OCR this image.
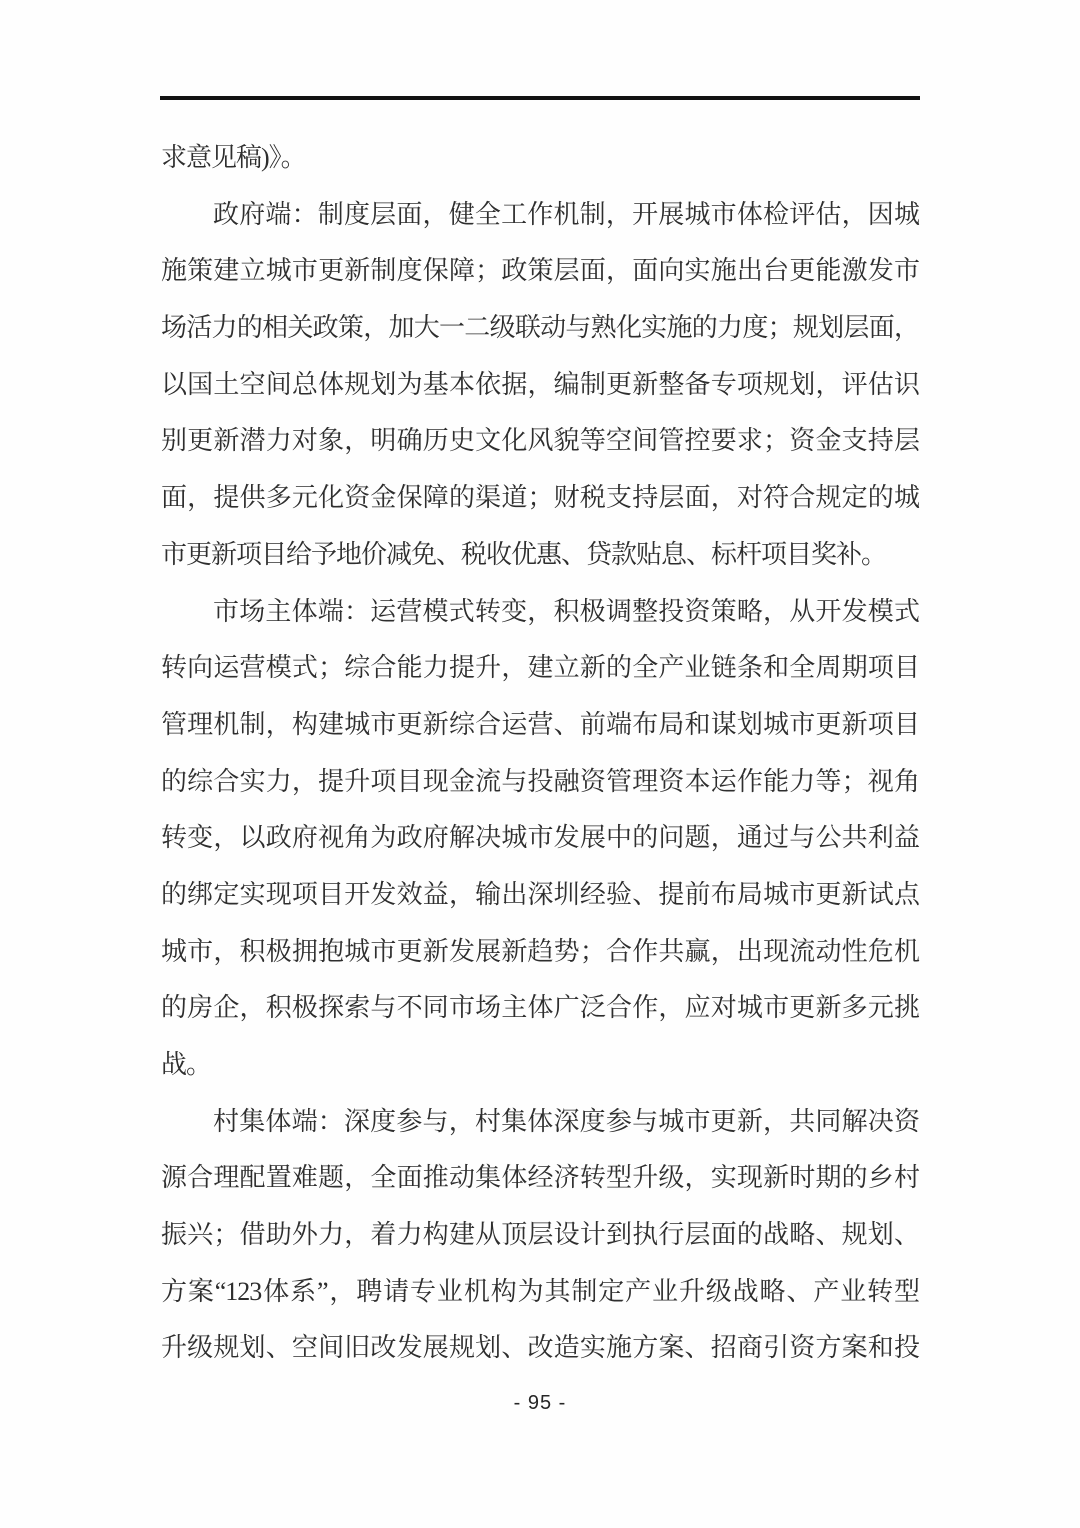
求意见稿)》。
政府端：制度层面，健全工作机制，开展城市体检评估，因城
施策建立城市更新制度保障；政策层面，面向实施出台更能激发市
场活力的相关政策，加大一二级联动与熟化实施的力度；规划层面，
以国土空间总体规划为基本依据，编制更新整备专项规划，评估识
别更新潜力对象，明确历史文化风貌等空间管控要求；资金支持层
面，提供多元化资金保障的渠道；财税支持层面，对符合规定的城
市更新项目给予地价减免、税收优惠、贷款贴息、标杆项目奖补。
市场主体端：运营模式转变，积极调整投资策略，从开发模式
转向运营模式；综合能力提升，建立新的全产业链条和全周期项目
管理机制，构建城市更新综合运营、前端布局和谋划城市更新项目
的综合实力，提升项目现金流与投融资管理资本运作能力等；视角
转变，以政府视角为政府解决城市发展中的问题，通过与公共利益
的绑定实现项目开发效益，输出深圳经验、提前布局城市更新试点
城市，积极拥抱城市更新发展新趋势；合作共赢，出现流动性危机
的房企，积极探索与不同市场主体广泛合作，应对城市更新多元挑
战。
村集体端：深度参与，村集体深度参与城市更新，共同解决资
源合理配置难题，全面推动集体经济转型升级，实现新时期的乡村
振兴；借助外力，着力构建从顶层设计到执行层面的战略、规划、
方案“123体系”，聘请专业机构为其制定产业升级战略、产业转型
升级规划、空间旧改发展规划、改造实施方案、招商引资方案和投
- 95 -
